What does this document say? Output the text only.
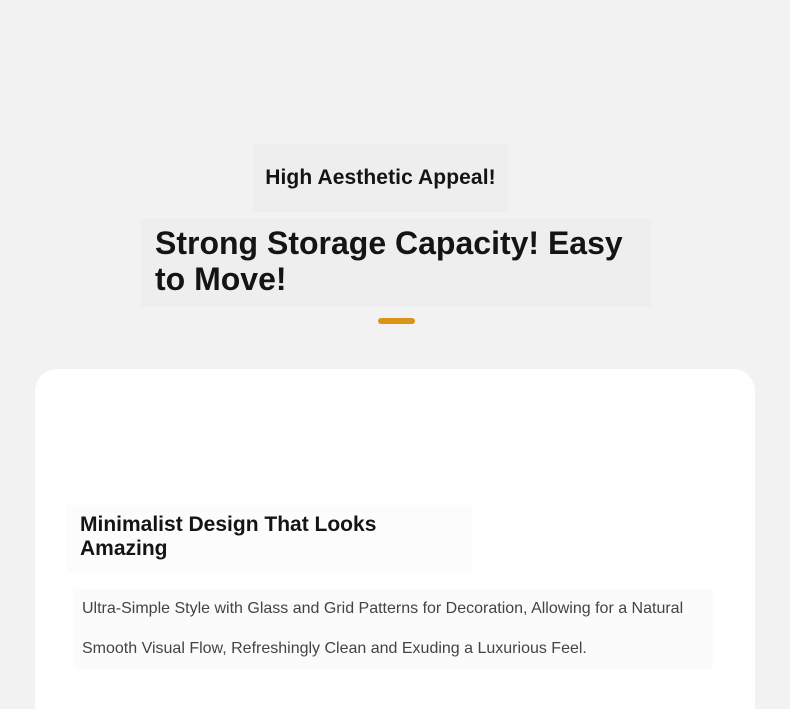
High Aesthetic Appeal!
Strong Storage Capacity! Easy to Move!
Minimalist Design That Looks Amazing

Ultra-Simple Style with Glass and Grid Patterns for Decoration, Allowing for a Natural Smooth Visual Flow, Refreshingly Clean and Exuding a Luxurious Feel.
